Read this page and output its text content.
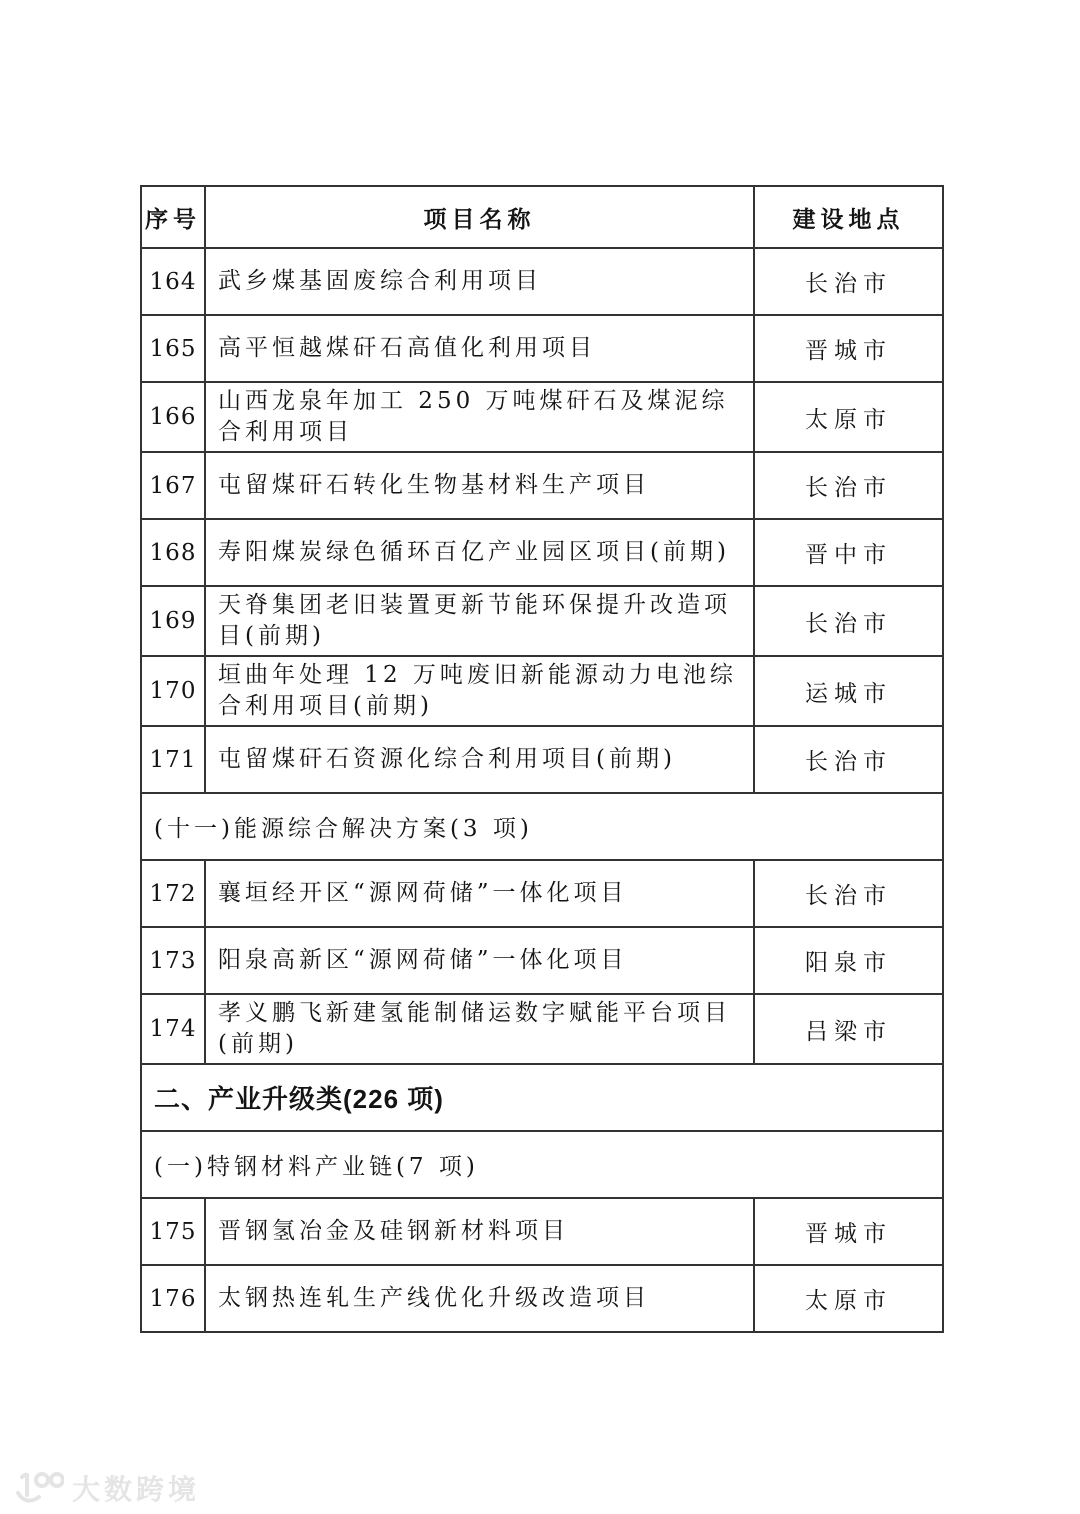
序号	项目名称	建设地点
164	武乡煤基固废综合利用项目	长治市
165	高平恒越煤矸石高值化利用项目	晋城市
166	山西龙泉年加工 250 万吨煤矸石及煤泥综合利用项目	太原市
167	屯留煤矸石转化生物基材料生产项目	长治市
168	寿阳煤炭绿色循环百亿产业园区项目(前期)	晋中市
169	天脊集团老旧装置更新节能环保提升改造项目(前期)	长治市
170	垣曲年处理 12 万吨废旧新能源动力电池综合利用项目(前期)	运城市
171	屯留煤矸石资源化综合利用项目(前期)	长治市
(十一)能源综合解决方案(3 项)		
172	襄垣经开区“源网荷储”一体化项目	长治市
173	阳泉高新区“源网荷储”一体化项目	阳泉市
174	孝义鹏飞新建氢能制储运数字赋能平台项目(前期)	吕梁市
二、产业升级类(226 项)		
(一)特钢材料产业链(7 项)		
175	晋钢氢冶金及硅钢新材料项目	晋城市
176	太钢热连轧生产线优化升级改造项目	太原市
大数跨境
